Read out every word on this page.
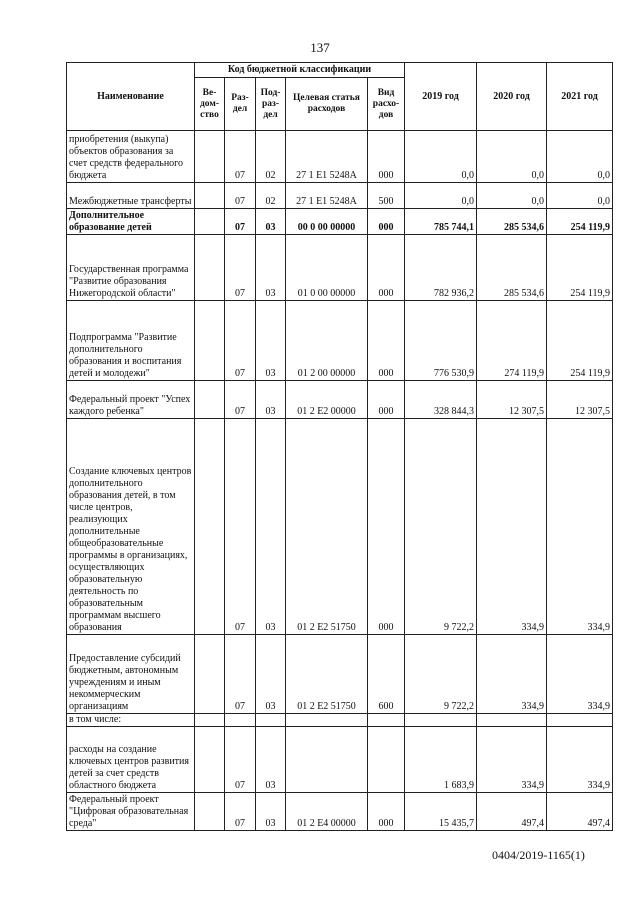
137
Наименование	Код бюджетной классификации					2019 год	2020 год	2021 год
	Ве-дом-ство	Раз-дел	Под-раз-дел	Целевая статья расходов	Вид расхо-дов			
приобретения (выкупа) объектов образования за счет средств федерального бюджета		07	02	27 1 E1 5248A	000	0,0	0,0	0,0
Межбюджетные трансферты		07	02	27 1 E1 5248A	500	0,0	0,0	0,0
Дополнительное образование детей		07	03	00 0 00 00000	000	785 744,1	285 534,6	254 119,9
Государственная программа "Развитие образования Нижегородской области"		07	03	01 0 00 00000	000	782 936,2	285 534,6	254 119,9
Подпрограмма "Развитие дополнительного образования и воспитания детей и молодежи"		07	03	01 2 00 00000	000	776 530,9	274 119,9	254 119,9
Федеральный проект "Успех каждого ребенка"		07	03	01 2 E2 00000	000	328 844,3	12 307,5	12 307,5
Создание ключевых центров дополнительного образования детей, в том числе центров, реализующих дополнительные общеобразовательные программы в организациях, осуществляющих образовательную деятельность по образовательным программам высшего образования		07	03	01 2 E2 51750	000	9 722,2	334,9	334,9
Предоставление субсидий бюджетным, автономным учреждениям и иным некоммерческим организациям		07	03	01 2 E2 51750	600	9 722,2	334,9	334,9
в том числе:								
расходы на создание ключевых центров развития детей за счет средств областного бюджета		07	03			1 683,9	334,9	334,9
Федеральный проект "Цифровая образовательная среда"		07	03	01 2 E4 00000	000	15 435,7	497,4	497,4
0404/2019-1165(1)
